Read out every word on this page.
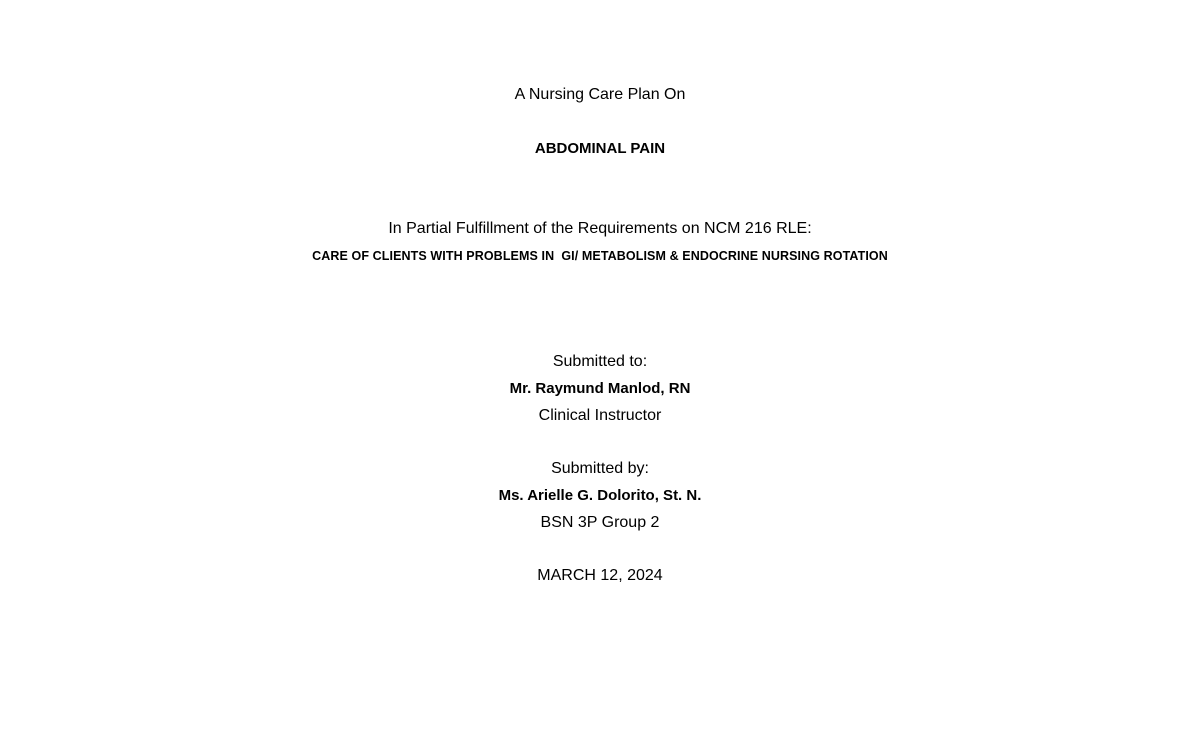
A Nursing Care Plan On
ABDOMINAL PAIN
In Partial Fulfillment of the Requirements on NCM 216 RLE:
CARE OF CLIENTS WITH PROBLEMS IN  GI/ METABOLISM & ENDOCRINE NURSING ROTATION
Submitted to:
Mr. Raymund Manlod, RN
Clinical Instructor
Submitted by:
Ms. Arielle G. Dolorito, St. N.
BSN 3P Group 2
MARCH 12, 2024
